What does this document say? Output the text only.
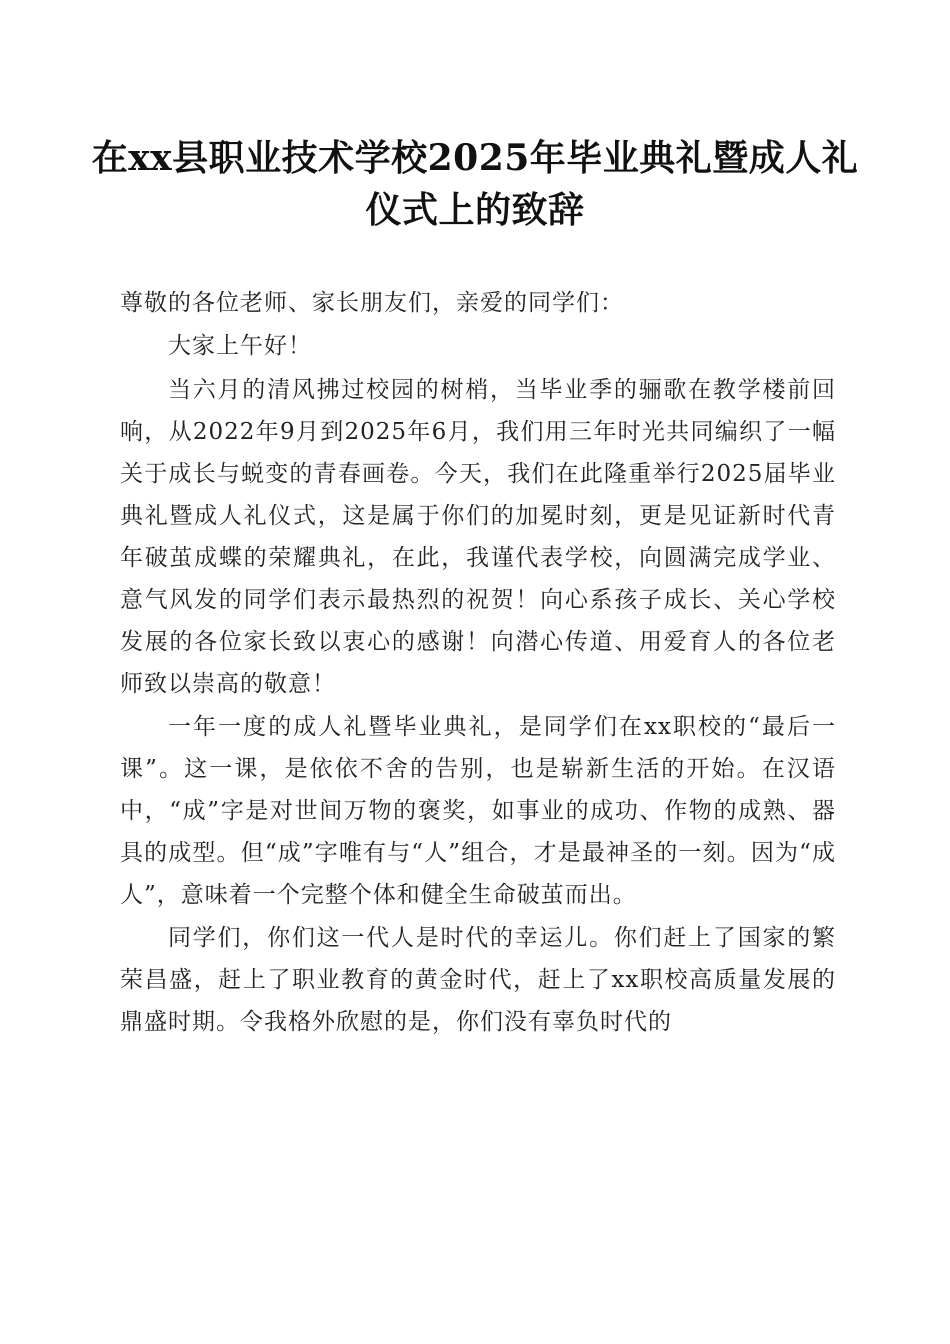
在xx县职业技术学校2025年毕业典礼暨成人礼仪式上的致辞

尊敬的各位老师、家长朋友们，亲爱的同学们：

大家上午好！

当六月的清风拂过校园的树梢，当毕业季的骊歌在教学楼前回响，从2022年9月到2025年6月，我们用三年时光共同编织了一幅关于成长与蜕变的青春画卷。今天，我们在此隆重举行2025届毕业典礼暨成人礼仪式，这是属于你们的加冕时刻，更是见证新时代青年破茧成蝶的荣耀典礼，在此，我谨代表学校，向圆满完成学业、意气风发的同学们表示最热烈的祝贺！向心系孩子成长、关心学校发展的各位家长致以衷心的感谢！向潜心传道、用爱育人的各位老师致以崇高的敬意！

一年一度的成人礼暨毕业典礼，是同学们在xx职校的“最后一课”。这一课，是依依不舍的告别，也是崭新生活的开始。在汉语中，“成”字是对世间万物的褒奖，如事业的成功、作物的成熟、器具的成型。但“成”字唯有与“人”组合，才是最神圣的一刻。因为“成人”，意味着一个完整个体和健全生命破茧而出。

同学们，你们这一代人是时代的幸运儿。你们赶上了国家的繁荣昌盛，赶上了职业教育的黄金时代，赶上了xx职校高质量发展的鼎盛时期。令我格外欣慰的是，你们没有辜负时代的
